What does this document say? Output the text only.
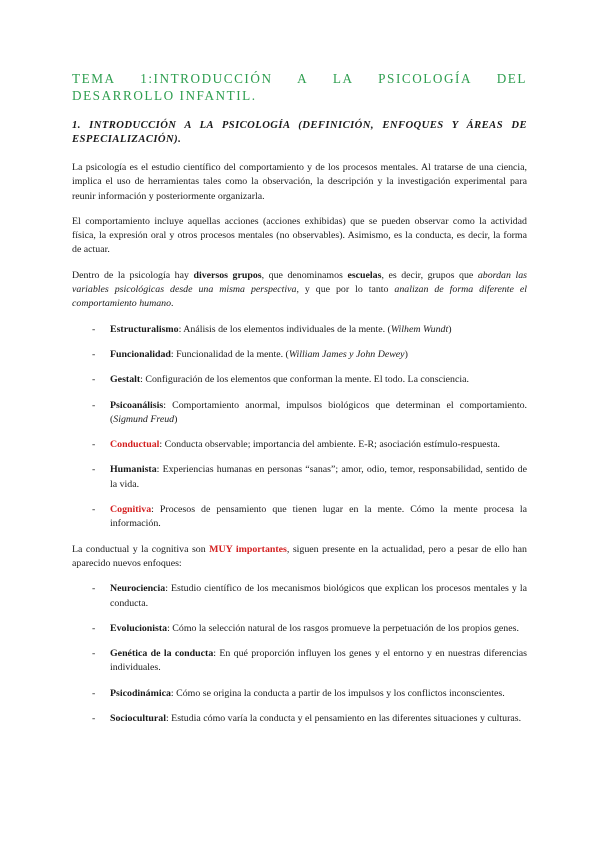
TEMA 1:INTRODUCCIÓN A LA PSICOLOGÍA DEL DESARROLLO INFANTIL.
1. INTRODUCCIÓN A LA PSICOLOGÍA (DEFINICIÓN, ENFOQUES Y ÁREAS DE ESPECIALIZACIÓN).

La psicología es el estudio científico del comportamiento y de los procesos mentales. Al tratarse de una ciencia, implica el uso de herramientas tales como la observación, la descripción y la investigación experimental para reunir información y posteriormente organizarla.

El comportamiento incluye aquellas acciones (acciones exhibidas) que se pueden observar como la actividad física, la expresión oral y otros procesos mentales (no observables). Asimismo, es la conducta, es decir, la forma de actuar.

Dentro de la psicología hay diversos grupos, que denominamos escuelas, es decir, grupos que abordan las variables psicológicas desde una misma perspectiva, y que por lo tanto analizan de forma diferente el comportamiento humano.

- Estructuralismo: Análisis de los elementos individuales de la mente. (Wilhem Wundt)
- Funcionalidad: Funcionalidad de la mente. (William James y John Dewey)
- Gestalt: Configuración de los elementos que conforman la mente. El todo. La consciencia.
- Psicoanálisis: Comportamiento anormal, impulsos biológicos que determinan el comportamiento. (Sigmund Freud)
- Conductual: Conducta observable; importancia del ambiente. E-R; asociación estímulo-respuesta.
- Humanista: Experiencias humanas en personas “sanas”; amor, odio, temor, responsabilidad, sentido de la vida.
- Cognitiva: Procesos de pensamiento que tienen lugar en la mente. Cómo la mente procesa la información.

La conductual y la cognitiva son MUY importantes, siguen presente en la actualidad, pero a pesar de ello han aparecido nuevos enfoques:

- Neurociencia: Estudio científico de los mecanismos biológicos que explican los procesos mentales y la conducta.
- Evolucionista: Cómo la selección natural de los rasgos promueve la perpetuación de los propios genes.
- Genética de la conducta: En qué proporción influyen los genes y el entorno y en nuestras diferencias individuales.
- Psicodinámica: Cómo se origina la conducta a partir de los impulsos y los conflictos inconscientes.
- Sociocultural: Estudia cómo varía la conducta y el pensamiento en las diferentes situaciones y culturas.
